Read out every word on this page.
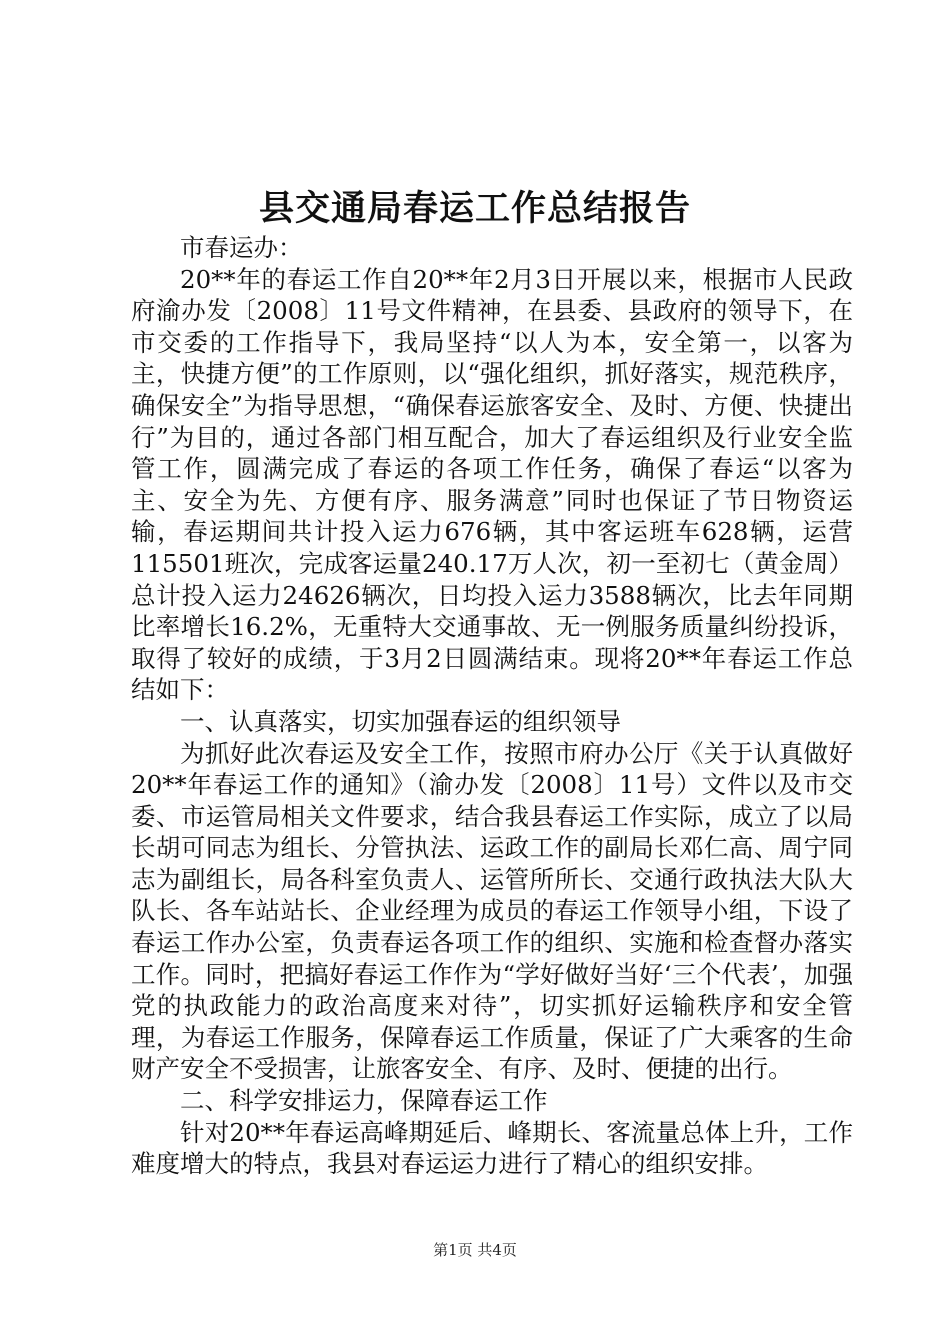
县交通局春运工作总结报告

市春运办：

20**年的春运工作自20**年2月3日开展以来，根据市人民政府渝办发〔2008〕11号文件精神，在县委、县政府的领导下，在市交委的工作指导下，我局坚持“以人为本，安全第一，以客为主，快捷方便”的工作原则，以“强化组织，抓好落实，规范秩序，确保安全”为指导思想，“确保春运旅客安全、及时、方便、快捷出行”为目的，通过各部门相互配合，加大了春运组织及行业安全监管工作，圆满完成了春运的各项工作任务，确保了春运“以客为主、安全为先、方便有序、服务满意”同时也保证了节日物资运输，春运期间共计投入运力676辆，其中客运班车628辆，运营115501班次，完成客运量240.17万人次，初一至初七（黄金周）总计投入运力24626辆次，日均投入运力3588辆次，比去年同期比率增长16.2%，无重特大交通事故、无一例服务质量纠纷投诉，取得了较好的成绩，于3月2日圆满结束。现将20**年春运工作总结如下：

一、认真落实，切实加强春运的组织领导

为抓好此次春运及安全工作，按照市府办公厅《关于认真做好20**年春运工作的通知》（渝办发〔2008〕11号）文件以及市交委、市运管局相关文件要求，结合我县春运工作实际，成立了以局长胡可同志为组长、分管执法、运政工作的副局长邓仁高、周宁同志为副组长，局各科室负责人、运管所所长、交通行政执法大队大队长、各车站站长、企业经理为成员的春运工作领导小组，下设了春运工作办公室，负责春运各项工作的组织、实施和检查督办落实工作。同时，把搞好春运工作作为“学好做好当好‘三个代表’，加强党的执政能力的政治高度来对待”，切实抓好运输秩序和安全管理，为春运工作服务，保障春运工作质量，保证了广大乘客的生命财产安全不受损害，让旅客安全、有序、及时、便捷的出行。

二、科学安排运力，保障春运工作

针对20**年春运高峰期延后、峰期长、客流量总体上升，工作难度增大的特点，我县对春运运力进行了精心的组织安排。

第1页 共4页
